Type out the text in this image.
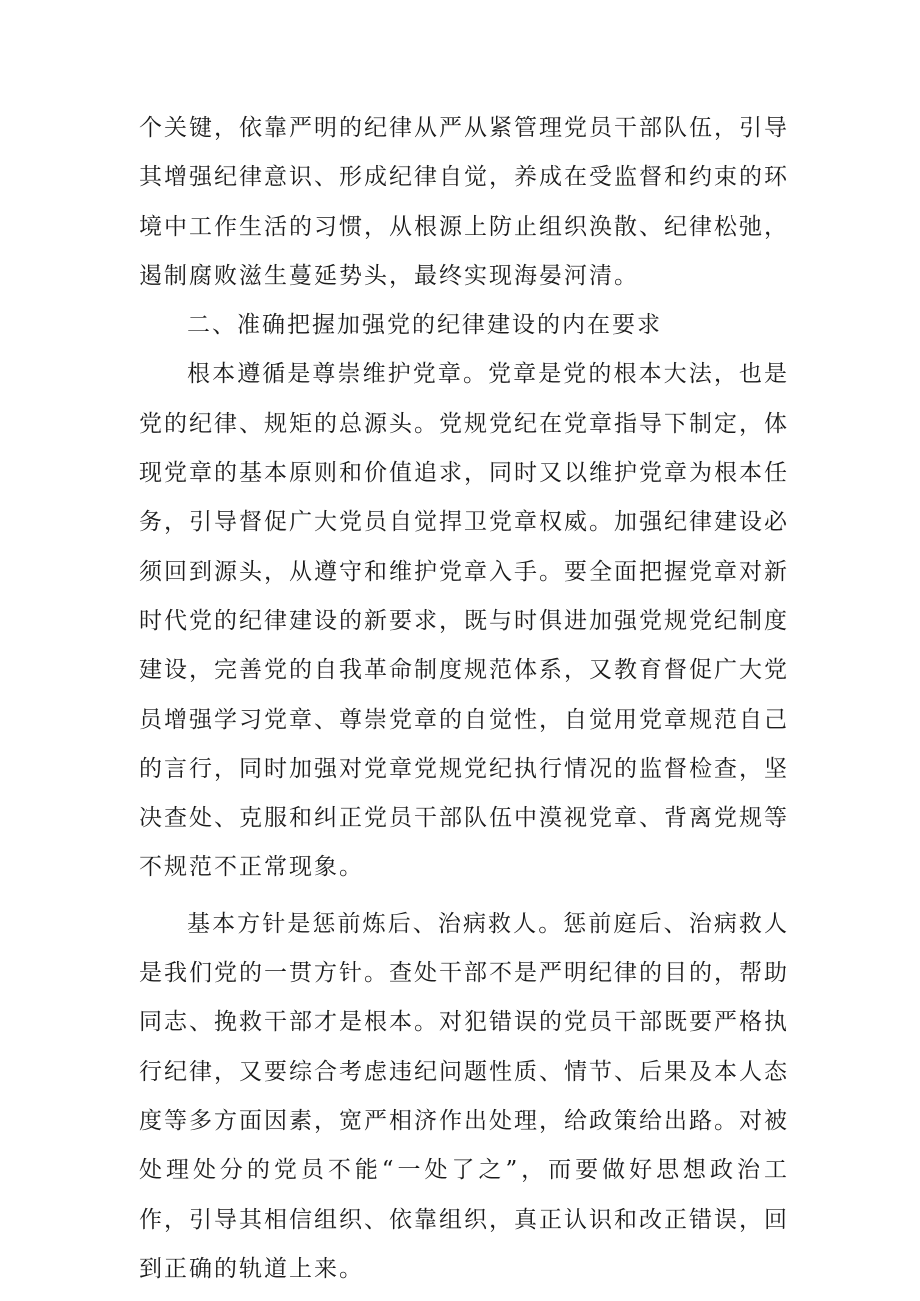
个关键，依靠严明的纪律从严从紧管理党员干部队伍，引导其增强纪律意识、形成纪律自觉，养成在受监督和约束的环境中工作生活的习惯，从根源上防止组织涣散、纪律松弛，遏制腐败滋生蔓延势头，最终实现海晏河清。

二、准确把握加强党的纪律建设的内在要求

根本遵循是尊崇维护党章。党章是党的根本大法，也是党的纪律、规矩的总源头。党规党纪在党章指导下制定，体现党章的基本原则和价值追求，同时又以维护党章为根本任务，引导督促广大党员自觉捍卫党章权威。加强纪律建设必须回到源头，从遵守和维护党章入手。要全面把握党章对新时代党的纪律建设的新要求，既与时俱进加强党规党纪制度建设，完善党的自我革命制度规范体系，又教育督促广大党员增强学习党章、尊崇党章的自觉性，自觉用党章规范自己的言行，同时加强对党章党规党纪执行情况的监督检查，坚决查处、克服和纠正党员干部队伍中漠视党章、背离党规等不规范不正常现象。

基本方针是惩前炼后、治病救人。惩前庭后、治病救人是我们党的一贯方针。查处干部不是严明纪律的目的，帮助同志、挽救干部才是根本。对犯错误的党员干部既要严格执行纪律，又要综合考虑违纪问题性质、情节、后果及本人态度等多方面因素，宽严相济作出处理，给政策给出路。对被处理处分的党员不能“一处了之”，而要做好思想政治工作，引导其相信组织、依靠组织，真正认识和改正错误，回到正确的轨道上来。
